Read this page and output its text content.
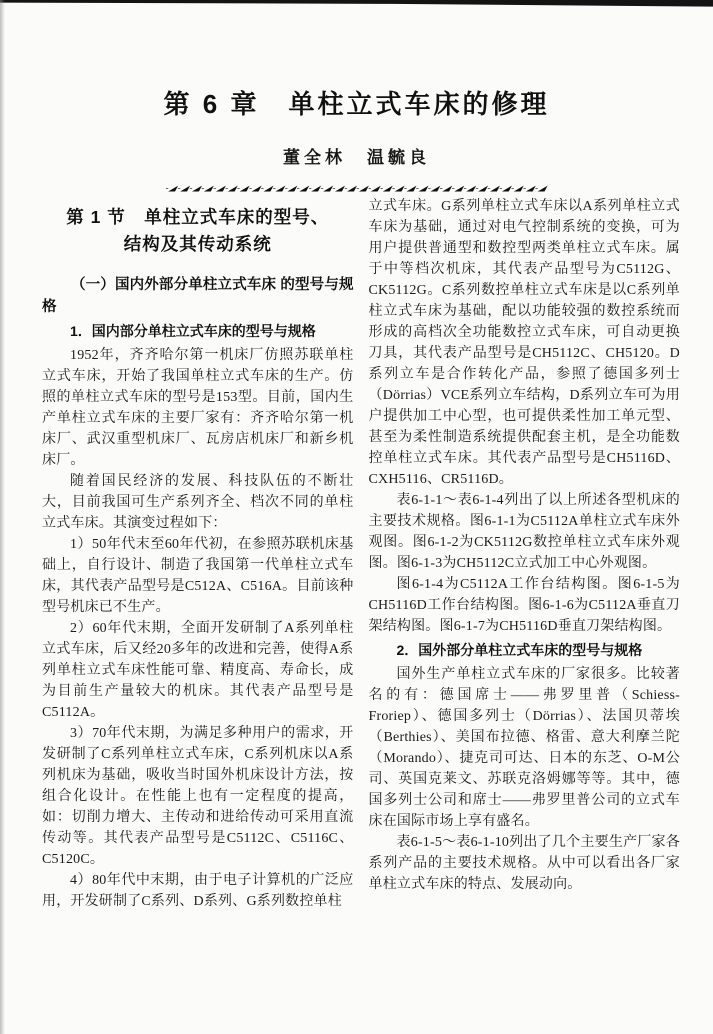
第 6 章　单柱立式车床的修理
董全林　温毓良
-◢-◢-◢-◢-◢-◢-◢-◢-◢-◢-◢-◢-◢-◢-◢-◢-◢-◢-◢-◢-◢-◢-◢-◢-◢-◢-◢-◢-◢-◢-◢-◢
第 1 节　单柱立式车床的型号、
结构及其传动系统

（一）国内外部分单柱立式车床 的型号与规格

1．国内部分单柱立式车床的型号与规格

1952年，齐齐哈尔第一机床厂仿照苏联单柱立式车床，开始了我国单柱立式车床的生产。仿照的单柱立式车床的型号是153型。目前，国内生产单柱立式车床的主要厂家有：齐齐哈尔第一机床厂、武汉重型机床厂、瓦房店机床厂和新乡机床厂。

随着国民经济的发展、科技队伍的不断壮大，目前我国可生产系列齐全、档次不同的单柱立式车床。其演变过程如下：

1）50年代末至60年代初，在参照苏联机床基础上，自行设计、制造了我国第一代单柱立式车床，其代表产品型号是C512A、C516A。目前该种型号机床已不生产。

2）60年代末期，全面开发研制了A系列单柱立式车床，后又经20多年的改进和完善，使得A系列单柱立式车床性能可靠、精度高、寿命长，成为目前生产量较大的机床。其代表产品型号是C5112A。

3）70年代末期，为满足多种用户的需求，开发研制了C系列单柱立式车床，C系列机床以A系列机床为基础，吸收当时国外机床设计方法，按组合化设计。在性能上也有一定程度的提高，如：切削力增大、主传动和进给传动可采用直流传动等。其代表产品型号是C5112C、C5116C、C5120C。

4）80年代中末期，由于电子计算机的广泛应用，开发研制了C系列、D系列、G系列数控单柱

立式车床。G系列单柱立式车床以A系列单柱立式车床为基础，通过对电气控制系统的变换，可为用户提供普通型和数控型两类单柱立式车床。属于中等档次机床，其代表产品型号为C5112G、CK5112G。C系列数控单柱立式车床是以C系列单柱立式车床为基础，配以功能较强的数控系统而形成的高档次全功能数控立式车床，可自动更换刀具，其代表产品型号是CH5112C、CH5120。D系列立车是合作转化产品，参照了德国多列士（Dörrias）VCE系列立车结构，D系列立车可为用户提供加工中心型，也可提供柔性加工单元型、甚至为柔性制造系统提供配套主机，是全功能数控单柱立式车床。其代表产品型号是CH5116D、CXH5116、CR5116D。

表6-1-1～表6-1-4列出了以上所述各型机床的主要技术规格。图6-1-1为C5112A单柱立式车床外观图。图6-1-2为CK5112G数控单柱立式车床外观图。图6-1-3为CH5112C立式加工中心外观图。

图6-1-4为C5112A工作台结构图。图6-1-5为CH5116D工作台结构图。图6-1-6为C5112A垂直刀架结构图。图6-1-7为CH5116D垂直刀架结构图。

2．国外部分单柱立式车床的型号与规格

国外生产单柱立式车床的厂家很多。比较著名的有：德国席士——弗罗里普（Schiess-Froriep）、德国多列士（Dörrias）、法国贝蒂埃（Berthies）、美国布拉德、格雷、意大利摩兰陀（Morando）、捷克司可达、日本的东芝、O-M公司、英国克莱文、苏联克洛姆娜等等。其中，德国多列士公司和席士——弗罗里普公司的立式车床在国际市场上享有盛名。

表6-1-5～表6-1-10列出了几个主要生产厂家各系列产品的主要技术规格。从中可以看出各厂家单柱立式车床的特点、发展动向。
